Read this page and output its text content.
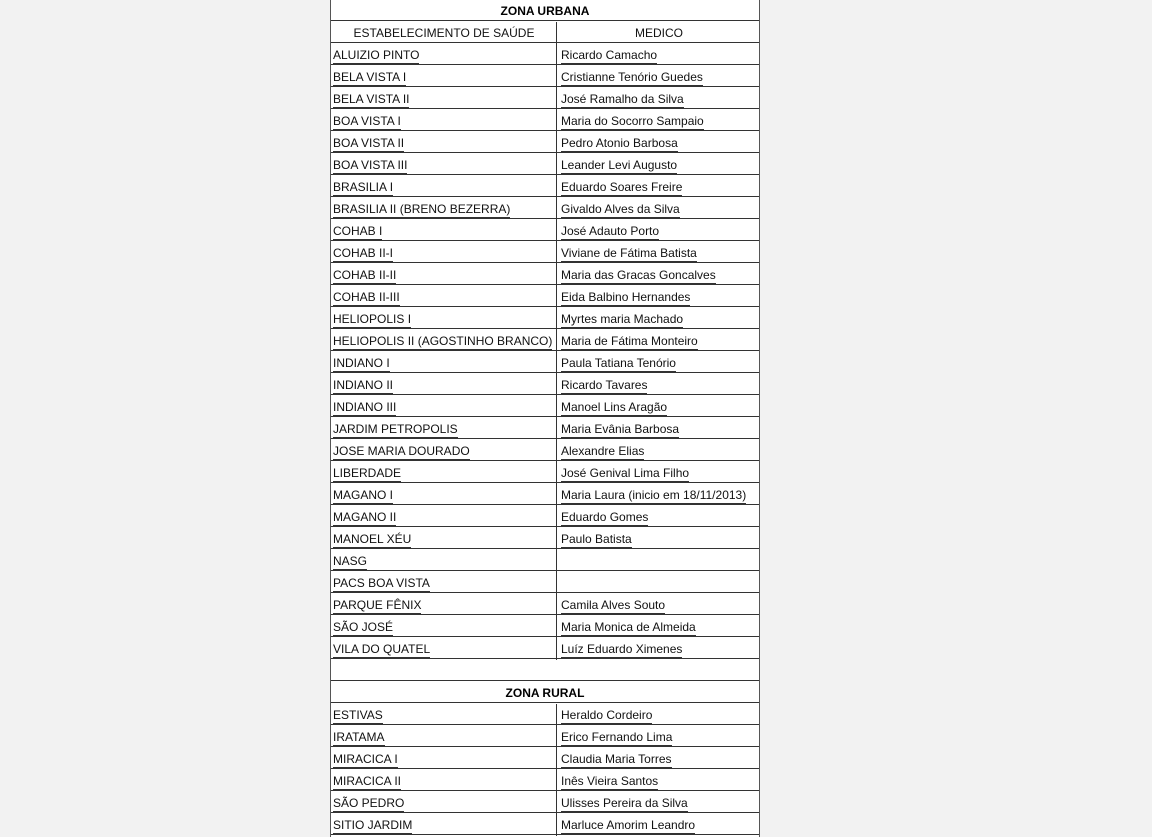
ZONA URBANA
ESTABELECIMENTO DE SAÚDE	MEDICO
ALUIZIO PINTO	Ricardo Camacho
BELA VISTA I	Cristianne Tenório Guedes
BELA VISTA II	José Ramalho da Silva
BOA VISTA I	Maria do Socorro Sampaio
BOA VISTA II	Pedro Atonio Barbosa
BOA VISTA III	Leander Levi Augusto
BRASILIA I	Eduardo Soares Freire
BRASILIA II (BRENO BEZERRA)	Givaldo Alves da Silva
COHAB I	José Adauto Porto
COHAB II-I	Viviane de Fátima Batista
COHAB II-II	Maria das Gracas Goncalves
COHAB II-III	Eida Balbino Hernandes
HELIOPOLIS I	Myrtes maria Machado
HELIOPOLIS II (AGOSTINHO BRANCO) Maria de Fátima Monteiro
INDIANO I	Paula Tatiana Tenório
INDIANO II	Ricardo Tavares
INDIANO III	Manoel Lins Aragão
JARDIM PETROPOLIS	Maria Evânia Barbosa
JOSE MARIA DOURADO	Alexandre Elias
LIBERDADE	José Genival Lima Filho
MAGANO I	Maria Laura (inicio em 18/11/2013)
MAGANO II	Eduardo Gomes
MANOEL XÉU	Paulo Batista
NASG
PACS BOA VISTA
PARQUE FÊNIX	Camila Alves Souto
SÃO JOSÉ	Maria Monica de Almeida
VILA DO QUATEL	Luíz Eduardo Ximenes
ZONA RURAL
ESTIVAS	Heraldo Cordeiro
IRATAMA	Erico Fernando Lima
MIRACICA I	Claudia Maria Torres
MIRACICA II	Inês Vieira Santos
SÃO PEDRO	Ulisses Pereira da Silva
SITIO JARDIM	Marluce Amorim Leandro
